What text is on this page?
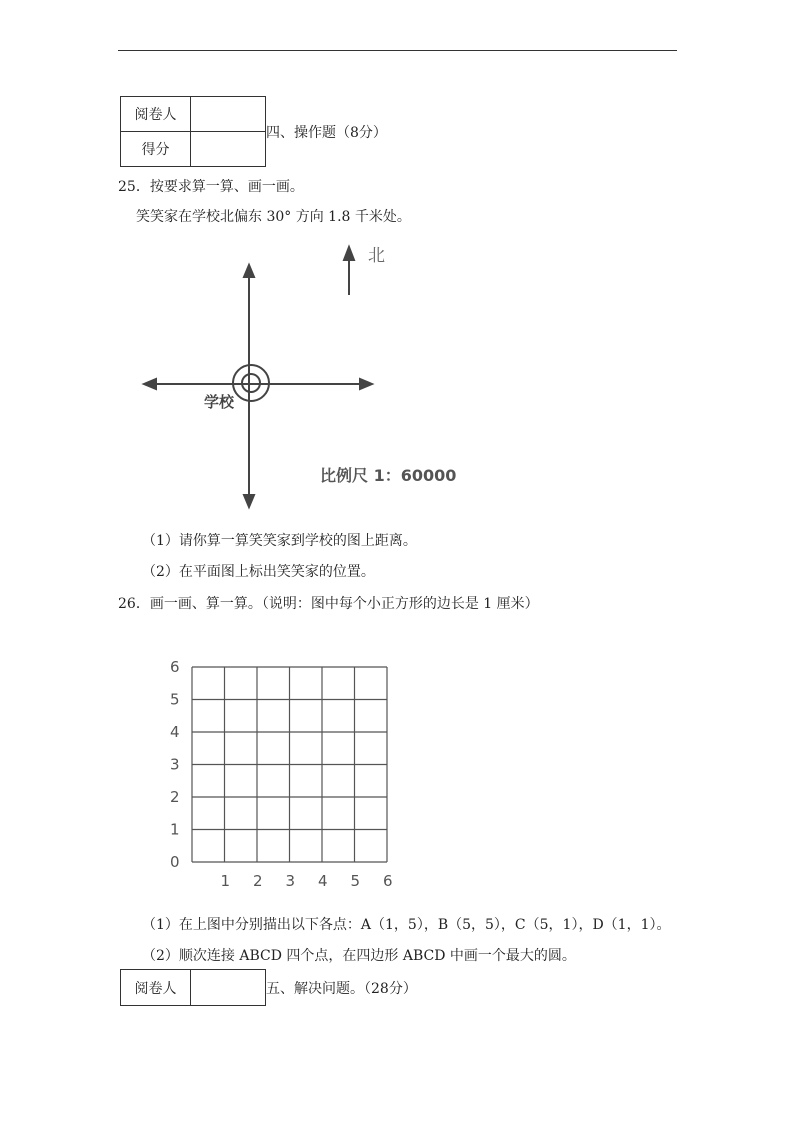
阅卷人	
得分	
四、操作题（8分）
25．按要求算一算、画一画。
笑笑家在学校北偏东 30° 方向 1.8 千米处。
北
学校
比例尺 1：60000
（1）请你算一算笑笑家到学校的图上距离。
（2）在平面图上标出笑笑家的位置。
26．画一画、算一算。（说明：图中每个小正方形的边长是 1 厘米）
0
1
2
3
4
5
6
1 2 3 4 5 6
（1）在上图中分别描出以下各点：A（1，5），B（5，5），C（5，1），D（1，1）。
（2）顺次连接 ABCD 四个点，在四边形 ABCD 中画一个最大的圆。
阅卷人		五、解决问题。（28分）
